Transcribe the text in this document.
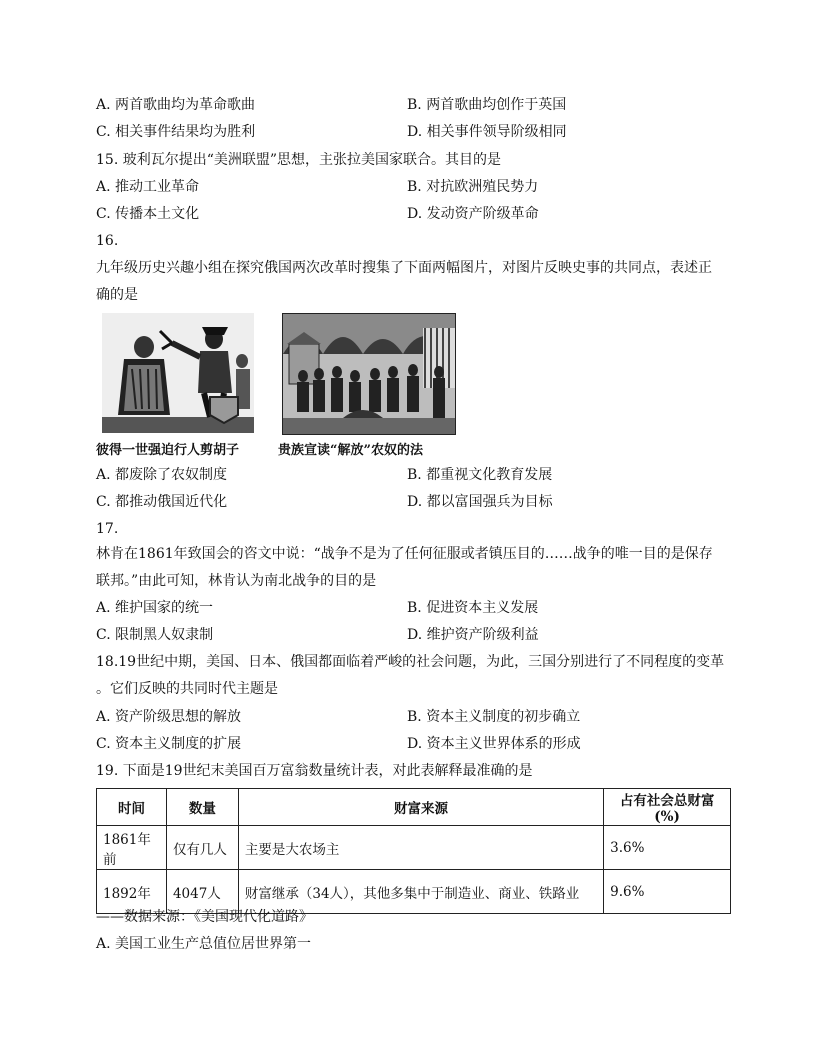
A. 两首歌曲均为革命歌曲	B. 两首歌曲均创作于英国
C. 相关事件结果均为胜利	D. 相关事件领导阶级相同
15. 玻利瓦尔提出“美洲联盟”思想，主张拉美国家联合。其目的是
A. 推动工业革命	B. 对抗欧洲殖民势力
C. 传播本土文化	D. 发动资产阶级革命
16.
九年级历史兴趣小组在探究俄国两次改革时搜集了下面两幅图片，对图片反映史事的共同点，表述正
确的是
彼得一世强迫行人剪胡子	贵族宣读“解放”农奴的法
A. 都废除了农奴制度	B. 都重视文化教育发展
C. 都推动俄国近代化	D. 都以富国强兵为目标
17.
林肯在1861年致国会的咨文中说：“战争不是为了任何征服或者镇压目的……战争的唯一目的是保存
联邦。”由此可知，林肯认为南北战争的目的是
A. 维护国家的统一	B. 促进资本主义发展
C. 限制黑人奴隶制	D. 维护资产阶级利益
18.19世纪中期，美国、日本、俄国都面临着严峻的社会问题，为此，三国分别进行了不同程度的变革
。它们反映的共同时代主题是
A. 资产阶级思想的解放	B. 资本主义制度的初步确立
C. 资本主义制度的扩展	D. 资本主义世界体系的形成
19. 下面是19世纪末美国百万富翁数量统计表，对此表解释最准确的是
时间	数量	财富来源	占有社会总财富(%)
1861年前	仅有几人	主要是大农场主	3.6%
1892年	4047人	财富继承（34人），其他多集中于制造业、商业、铁路业	9.6%
——数据来源：《美国现代化道路》
A. 美国工业生产总值位居世界第一
